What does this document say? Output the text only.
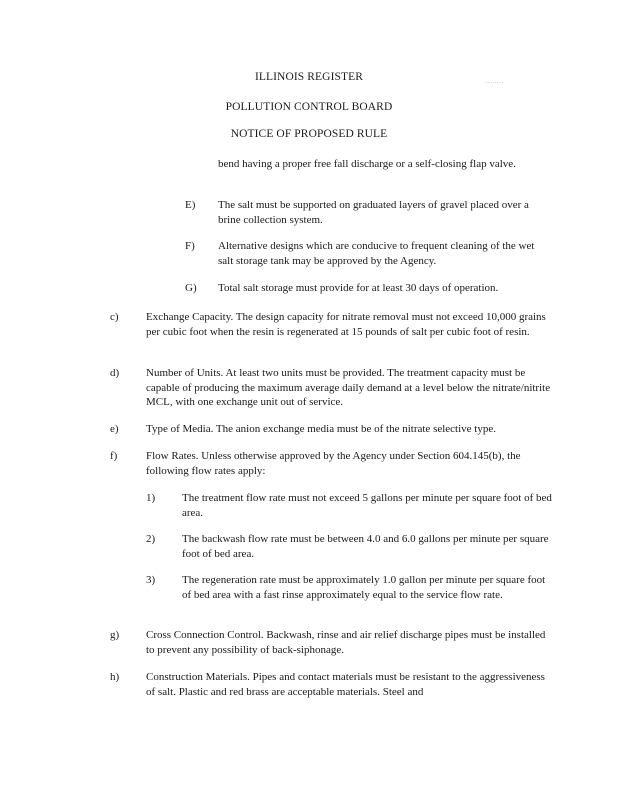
ILLINOIS REGISTER	........
POLLUTION CONTROL BOARD
NOTICE OF PROPOSED RULE
bend having a proper free fall discharge or a self-closing flap valve.
E) The salt must be supported on graduated layers of gravel placed over a brine collection system.
F) Alternative designs which are conducive to frequent cleaning of the wet salt storage tank may be approved by the Agency.
G) Total salt storage must provide for at least 30 days of operation.
c) Exchange Capacity. The design capacity for nitrate removal must not exceed 10,000 grains per cubic foot when the resin is regenerated at 15 pounds of salt per cubic foot of resin.
d) Number of Units. At least two units must be provided. The treatment capacity must be capable of producing the maximum average daily demand at a level below the nitrate/nitrite MCL, with one exchange unit out of service.
e) Type of Media. The anion exchange media must be of the nitrate selective type.
f)	Flow Rates. Unless otherwise approved by the Agency under Section 604.145(b), the following flow rates apply:
1) The treatment flow rate must not exceed 5 gallons per minute per square foot of bed area.
2) The backwash flow rate must be between 4.0 and 6.0 gallons per minute per square foot of bed area.
3) The regeneration rate must be approximately 1.0 gallon per minute per square foot of bed area with a fast rinse approximately equal to the service flow rate.
g) Cross Connection Control. Backwash, rinse and air relief discharge pipes must be installed to prevent any possibility of back-siphonage.
h) Construction Materials. Pipes and contact materials must be resistant to the aggressiveness of salt. Plastic and red brass are acceptable materials. Steel and
